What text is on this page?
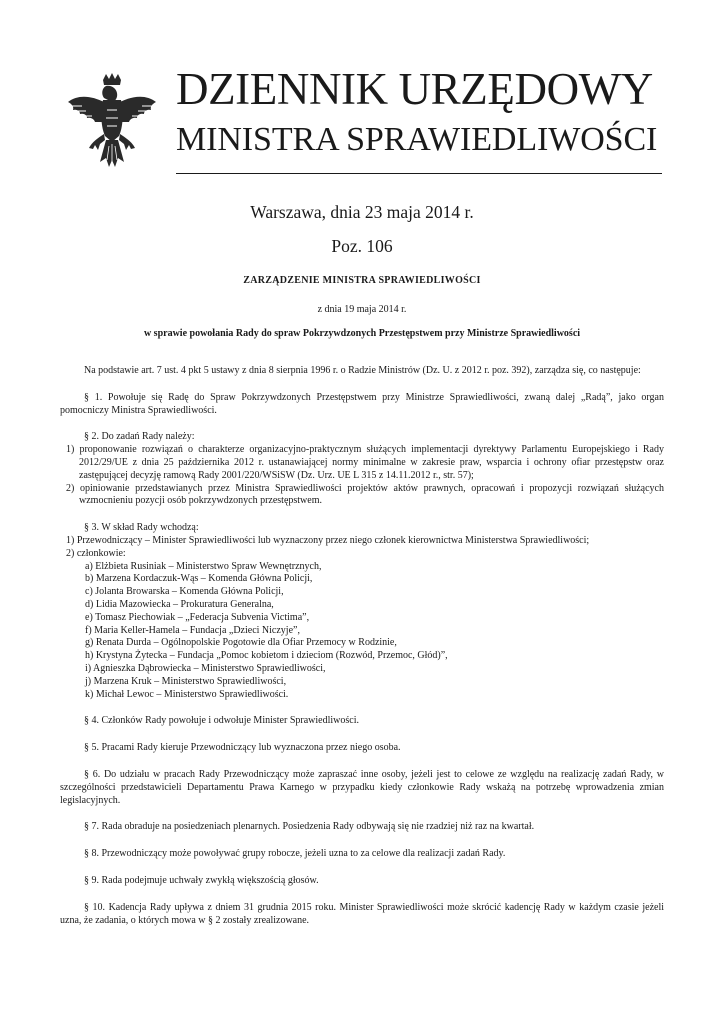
DZIENNIK URZĘDOWY
MINISTRA SPRAWIEDLIWOŚCI
Warszawa, dnia 23 maja 2014 r.
Poz. 106
ZARZĄDZENIE MINISTRA SPRAWIEDLIWOŚCI
z dnia 19 maja 2014 r.
w sprawie powołania Rady do spraw Pokrzywdzonych Przestępstwem przy Ministrze Sprawiedliwości

Na podstawie art. 7 ust. 4 pkt 5 ustawy z dnia 8 sierpnia 1996 r. o Radzie Ministrów (Dz. U. z 2012 r. poz. 392), zarządza się, co następuje:

§ 1. Powołuje się Radę do Spraw Pokrzywdzonych Przestępstwem przy Ministrze Sprawiedliwości, zwaną dalej „Radą”, jako organ pomocniczy Ministra Sprawiedliwości.

§ 2. Do zadań Rady należy:

1) proponowanie rozwiązań o charakterze organizacyjno-praktycznym służących implementacji dyrektywy Parlamentu Europejskiego i Rady 2012/29/UE z dnia 25 października 2012 r. ustanawiającej normy minimalne w zakresie praw, wsparcia i ochrony ofiar przestępstw oraz zastępującej decyzję ramową Rady 2001/220/WSiSW (Dz. Urz. UE L 315 z 14.11.2012 r., str. 57);

2) opiniowanie przedstawianych przez Ministra Sprawiedliwości projektów aktów prawnych, opracowań i propozycji rozwiązań służących wzmocnieniu pozycji osób pokrzywdzonych przestępstwem.

§ 3. W skład Rady wchodzą:

1) Przewodniczący – Minister Sprawiedliwości lub wyznaczony przez niego członek kierownictwa Ministerstwa Sprawiedliwości;

2) członkowie:

a) Elżbieta Rusiniak – Ministerstwo Spraw Wewnętrznych,

b) Marzena Kordaczuk-Wąs – Komenda Główna Policji,

c) Jolanta Browarska – Komenda Główna Policji,

d) Lidia Mazowiecka – Prokuratura Generalna,

e) Tomasz Piechowiak – „Federacja Subvenia Victima”,

f) Maria Keller-Hamela – Fundacja „Dzieci Niczyje”,

g) Renata Durda – Ogólnopolskie Pogotowie dla Ofiar Przemocy w Rodzinie,

h) Krystyna Żytecka – Fundacja „Pomoc kobietom i dzieciom (Rozwód, Przemoc, Głód)”,

i) Agnieszka Dąbrowiecka – Ministerstwo Sprawiedliwości,

j) Marzena Kruk – Ministerstwo Sprawiedliwości,

k) Michał Lewoc – Ministerstwo Sprawiedliwości.

§ 4. Członków Rady powołuje i odwołuje Minister Sprawiedliwości.

§ 5. Pracami Rady kieruje Przewodniczący lub wyznaczona przez niego osoba.

§ 6. Do udziału w pracach Rady Przewodniczący może zapraszać inne osoby, jeżeli jest to celowe ze względu na realizację zadań Rady, w szczególności przedstawicieli Departamentu Prawa Karnego w przypadku kiedy członkowie Rady wskażą na potrzebę wprowadzenia zmian legislacyjnych.

§ 7. Rada obraduje na posiedzeniach plenarnych. Posiedzenia Rady odbywają się nie rzadziej niż raz na kwartał.

§ 8. Przewodniczący może powoływać grupy robocze, jeżeli uzna to za celowe dla realizacji zadań Rady.

§ 9. Rada podejmuje uchwały zwykłą większością głosów.

§ 10. Kadencja Rady upływa z dniem 31 grudnia 2015 roku. Minister Sprawiedliwości może skrócić kadencję Rady w każdym czasie jeżeli uzna, że zadania, o których mowa w § 2 zostały zrealizowane.
